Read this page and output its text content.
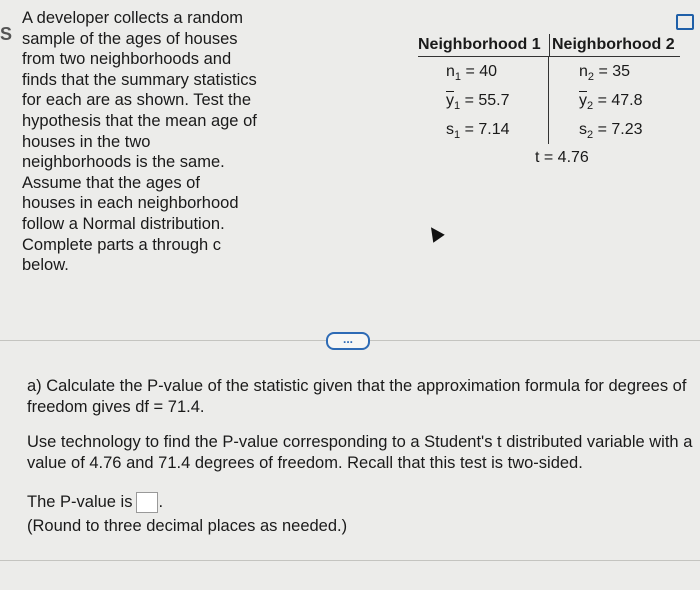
S
A developer collects a random sample of the ages of houses from two neighborhoods and finds that the summary statistics for each are as shown. Test the hypothesis that the mean age of houses in the two neighborhoods is the same. Assume that the ages of houses in each neighborhood follow a Normal distribution. Complete parts a through c below.
Neighborhood 1 Neighborhood 2
$n_1 = 40$	$n_2 = 35$
$\overline{y}_1 = 55.7$	$\overline{y}_2 = 47.8$
$s_1 = 7.14$	$s_2 = 7.23$
t = 4.76
...
a) Calculate the P-value of the statistic given that the approximation formula for degrees of freedom gives df = 71.4.
Use technology to find the P-value corresponding to a Student's t distributed variable with a value of 4.76 and 71.4 degrees of freedom. Recall that this test is two-sided.
The P-value is .
(Round to three decimal places as needed.)
